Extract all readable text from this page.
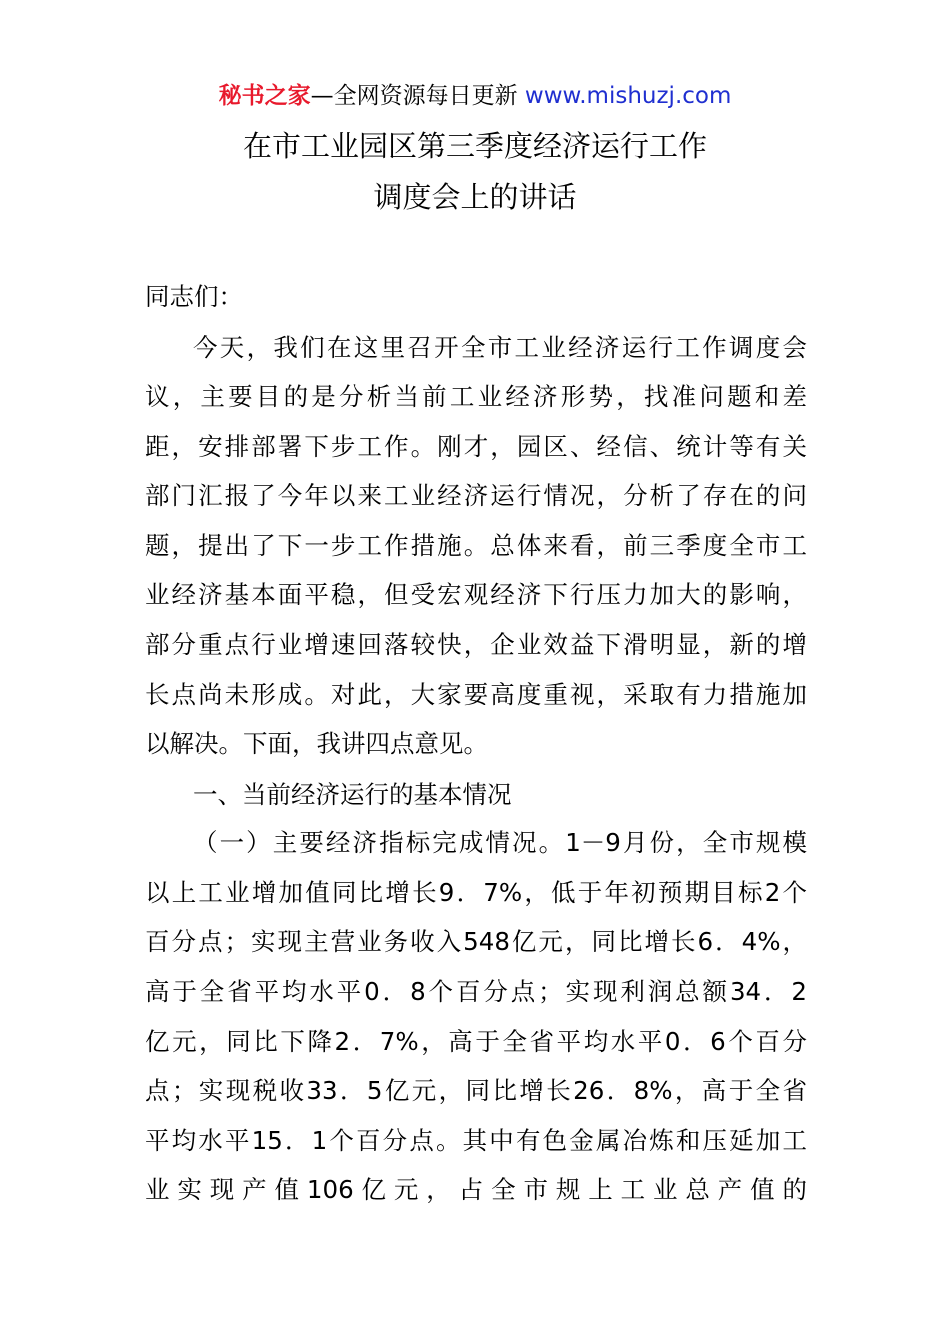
秘书之家—全网资源每日更新 www.mishuzj.com
在市工业园区第三季度经济运行工作
调度会上的讲话
同志们：
今天，我们在这里召开全市工业经济运行工作调度会
议，主要目的是分析当前工业经济形势，找准问题和差
距，安排部署下步工作。刚才，园区、经信、统计等有关
部门汇报了今年以来工业经济运行情况，分析了存在的问
题，提出了下一步工作措施。总体来看，前三季度全市工
业经济基本面平稳，但受宏观经济下行压力加大的影响，
部分重点行业增速回落较快，企业效益下滑明显，新的增
长点尚未形成。对此，大家要高度重视，采取有力措施加
以解决。下面，我讲四点意见。
一、当前经济运行的基本情况
（一）主要经济指标完成情况。1－9月份，全市规模
以上工业增加值同比增长9．7%，低于年初预期目标2个
百分点；实现主营业务收入548亿元，同比增长6．4%，
高于全省平均水平0．8个百分点；实现利润总额34．2
亿元，同比下降2．7%，高于全省平均水平0．6个百分
点；实现税收33．5亿元，同比增长26．8%，高于全省
平均水平15．1个百分点。其中有色金属冶炼和压延加工
业实现产值106亿元，占全市规上工业总产值的
